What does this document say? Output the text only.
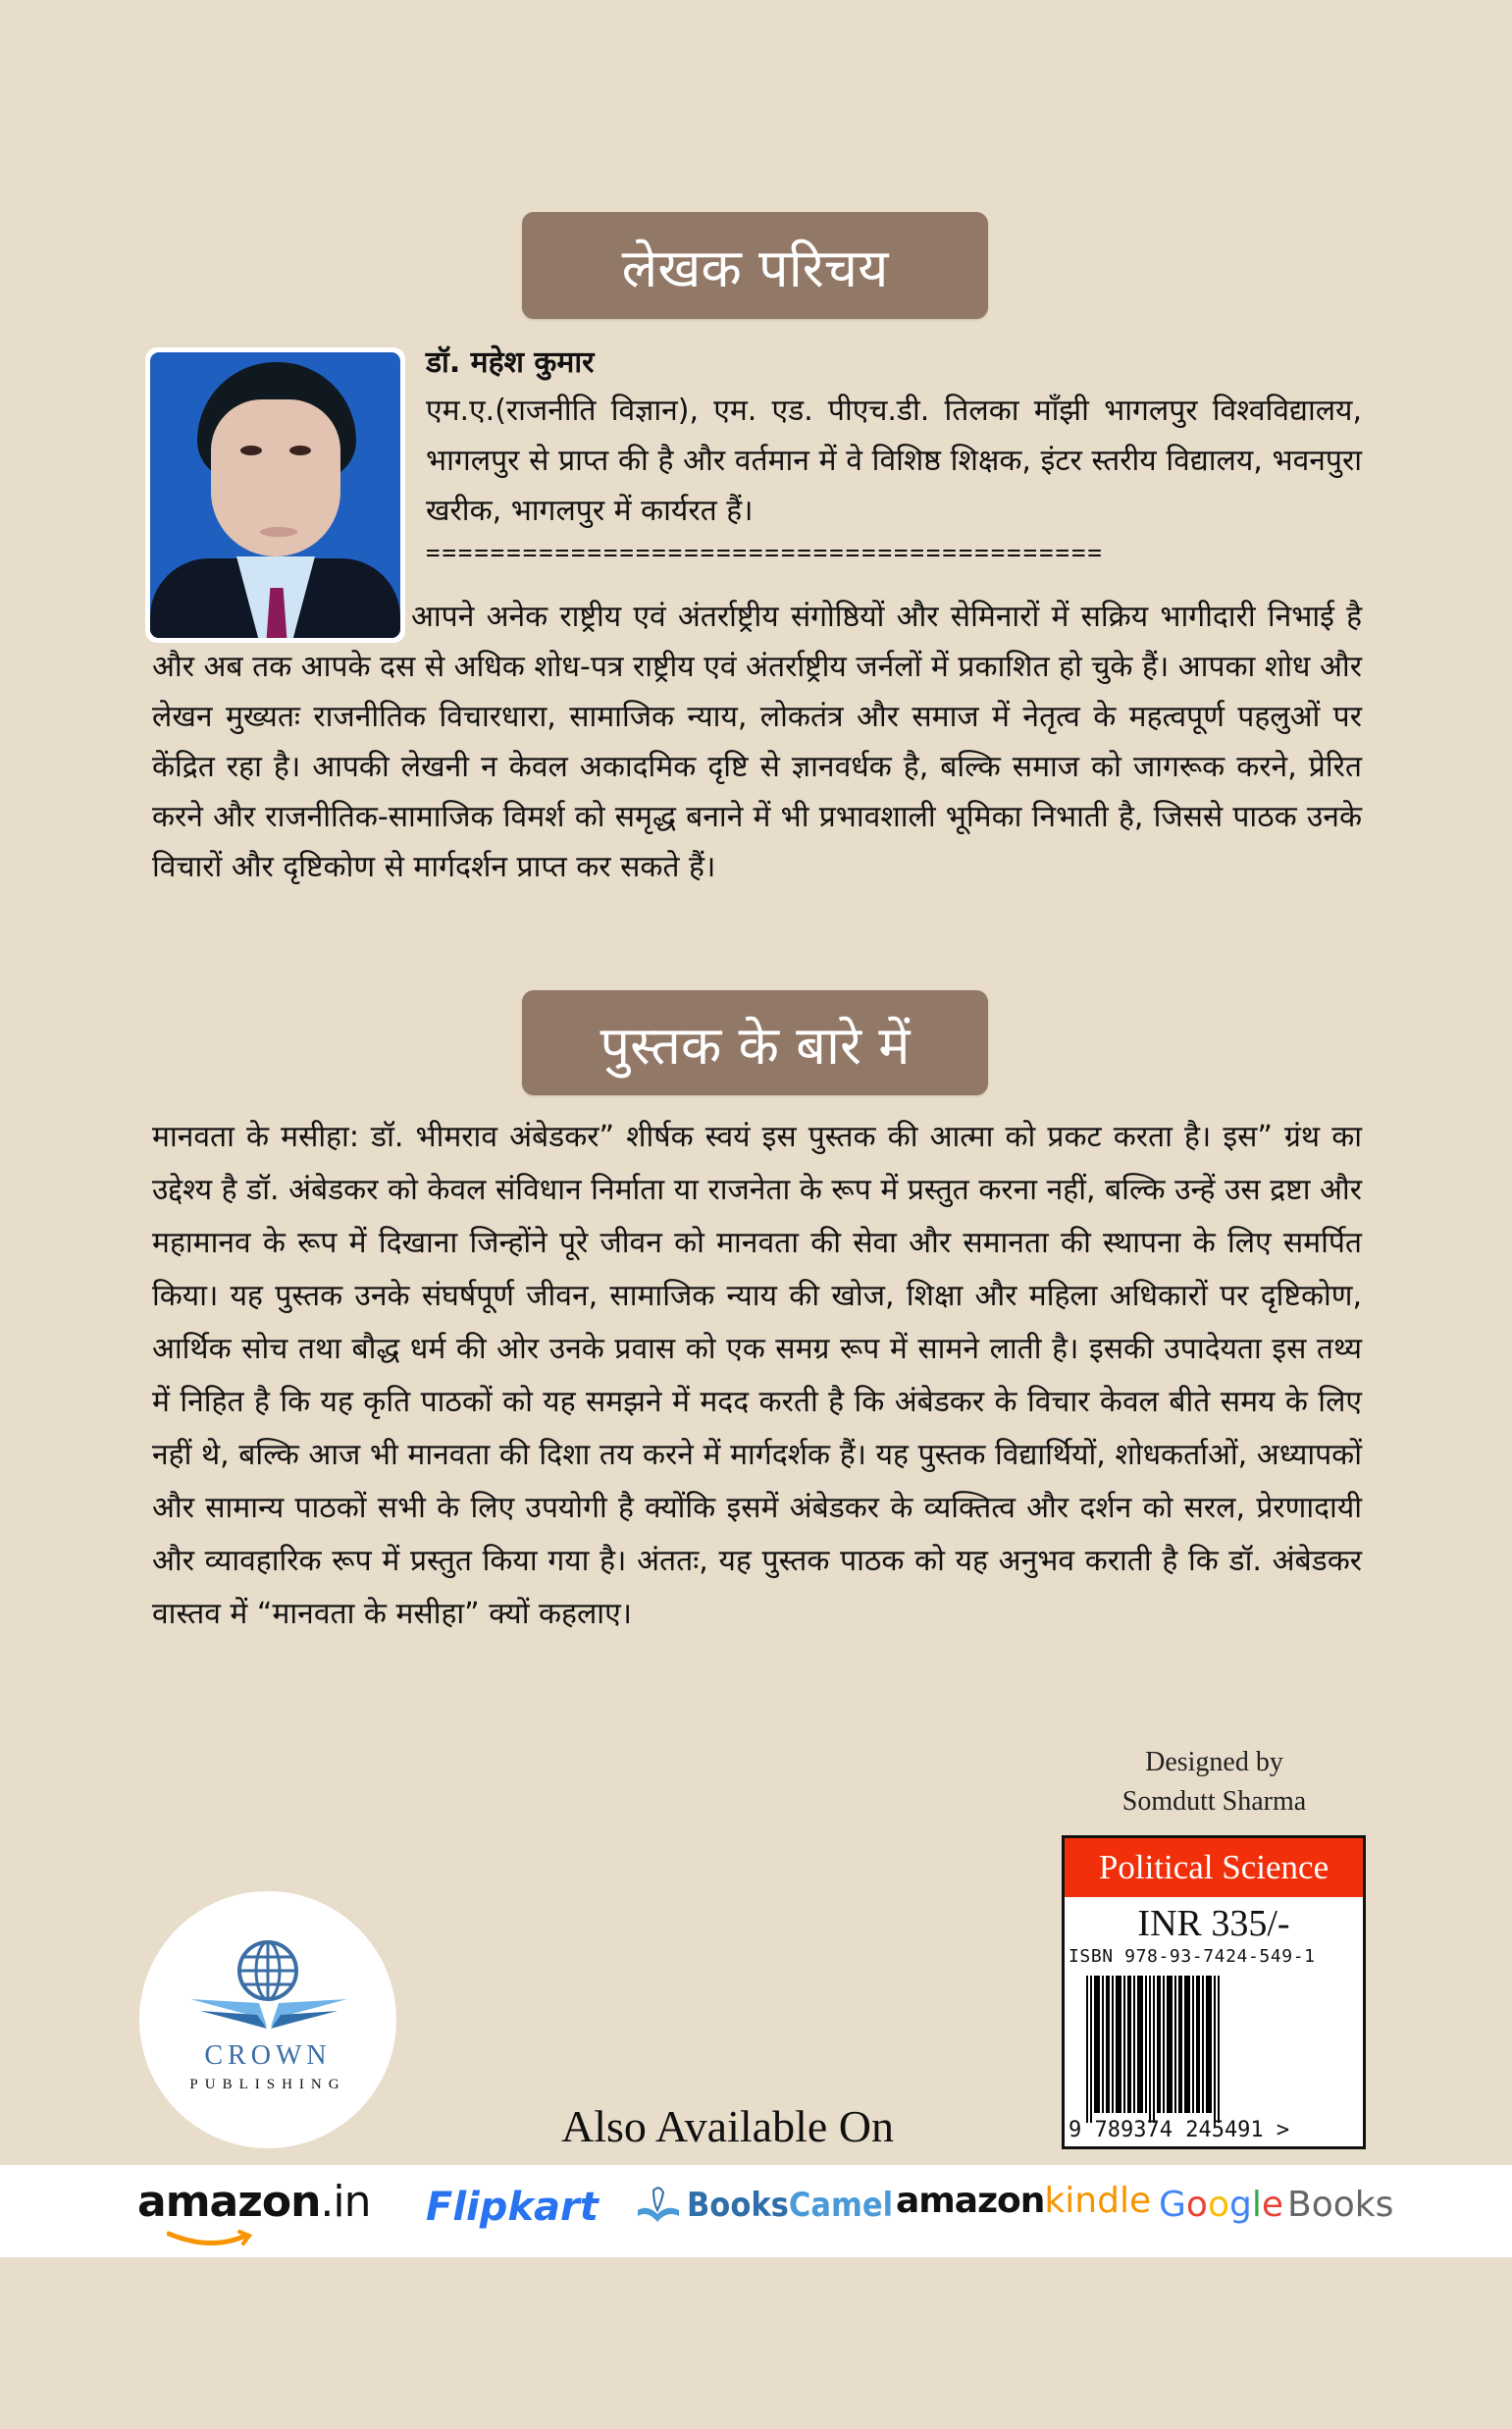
लेखक परिचय
डॉ. महेश कुमार
एम.ए.(राजनीति विज्ञान), एम. एड. पीएच.डी. तिलका माँझी भागलपुर विश्वविद्यालय, भागलपुर से प्राप्त की है और वर्तमान में वे विशिष्ठ शिक्षक, इंटर स्तरीय विद्यालय, भवनपुरा खरीक, भागलपुर में कार्यरत हैं।
==========================================
आपने अनेक राष्ट्रीय एवं अंतर्राष्ट्रीय संगोष्ठियों और सेमिनारों में सक्रिय भागीदारी निभाई है और अब तक आपके दस से अधिक शोध-पत्र राष्ट्रीय एवं अंतर्राष्ट्रीय जर्नलों में प्रकाशित हो चुके हैं। आपका शोध और लेखन मुख्यतः राजनीतिक विचारधारा, सामाजिक न्याय, लोकतंत्र और समाज में नेतृत्व के महत्वपूर्ण पहलुओं पर केंद्रित रहा है। आपकी लेखनी न केवल अकादमिक दृष्टि से ज्ञानवर्धक है, बल्कि समाज को जागरूक करने, प्रेरित करने और राजनीतिक-सामाजिक विमर्श को समृद्ध बनाने में भी प्रभावशाली भूमिका निभाती है, जिससे पाठक उनके विचारों और दृष्टिकोण से मार्गदर्शन प्राप्त कर सकते हैं।
पुस्तक के बारे में
मानवता के मसीहा: डॉ. भीमराव अंबेडकर” शीर्षक स्वयं इस पुस्तक की आत्मा को प्रकट करता है। इस” ग्रंथ का उद्देश्य है डॉ. अंबेडकर को केवल संविधान निर्माता या राजनेता के रूप में प्रस्तुत करना नहीं, बल्कि उन्हें उस द्रष्टा और महामानव के रूप में दिखाना जिन्होंने पूरे जीवन को मानवता की सेवा और समानता की स्थापना के लिए समर्पित किया। यह पुस्तक उनके संघर्षपूर्ण जीवन, सामाजिक न्याय की खोज, शिक्षा और महिला अधिकारों पर दृष्टिकोण, आर्थिक सोच तथा बौद्ध धर्म की ओर उनके प्रवास को एक समग्र रूप में सामने लाती है। इसकी उपादेयता इस तथ्य में निहित है कि यह कृति पाठकों को यह समझने में मदद करती है कि अंबेडकर के विचार केवल बीते समय के लिए नहीं थे, बल्कि आज भी मानवता की दिशा तय करने में मार्गदर्शक हैं। यह पुस्तक विद्यार्थियों, शोधकर्ताओं, अध्यापकों और सामान्य पाठकों सभी के लिए उपयोगी है क्योंकि इसमें अंबेडकर के व्यक्तित्व और दर्शन को सरल, प्रेरणादायी और व्यावहारिक रूप में प्रस्तुत किया गया है। अंततः, यह पुस्तक पाठक को यह अनुभव कराती है कि डॉ. अंबेडकर वास्तव में “मानवता के मसीहा” क्यों कहलाए।
Designed by
Somdutt Sharma
Political Science
INR 335/-
ISBN 978-93-7424-549-1
9 789374 245491 >
CROWN
PUBLISHING
Also Available On
amazon .in Flipkart	Books Camel amazon kindle G o o g l e Books
